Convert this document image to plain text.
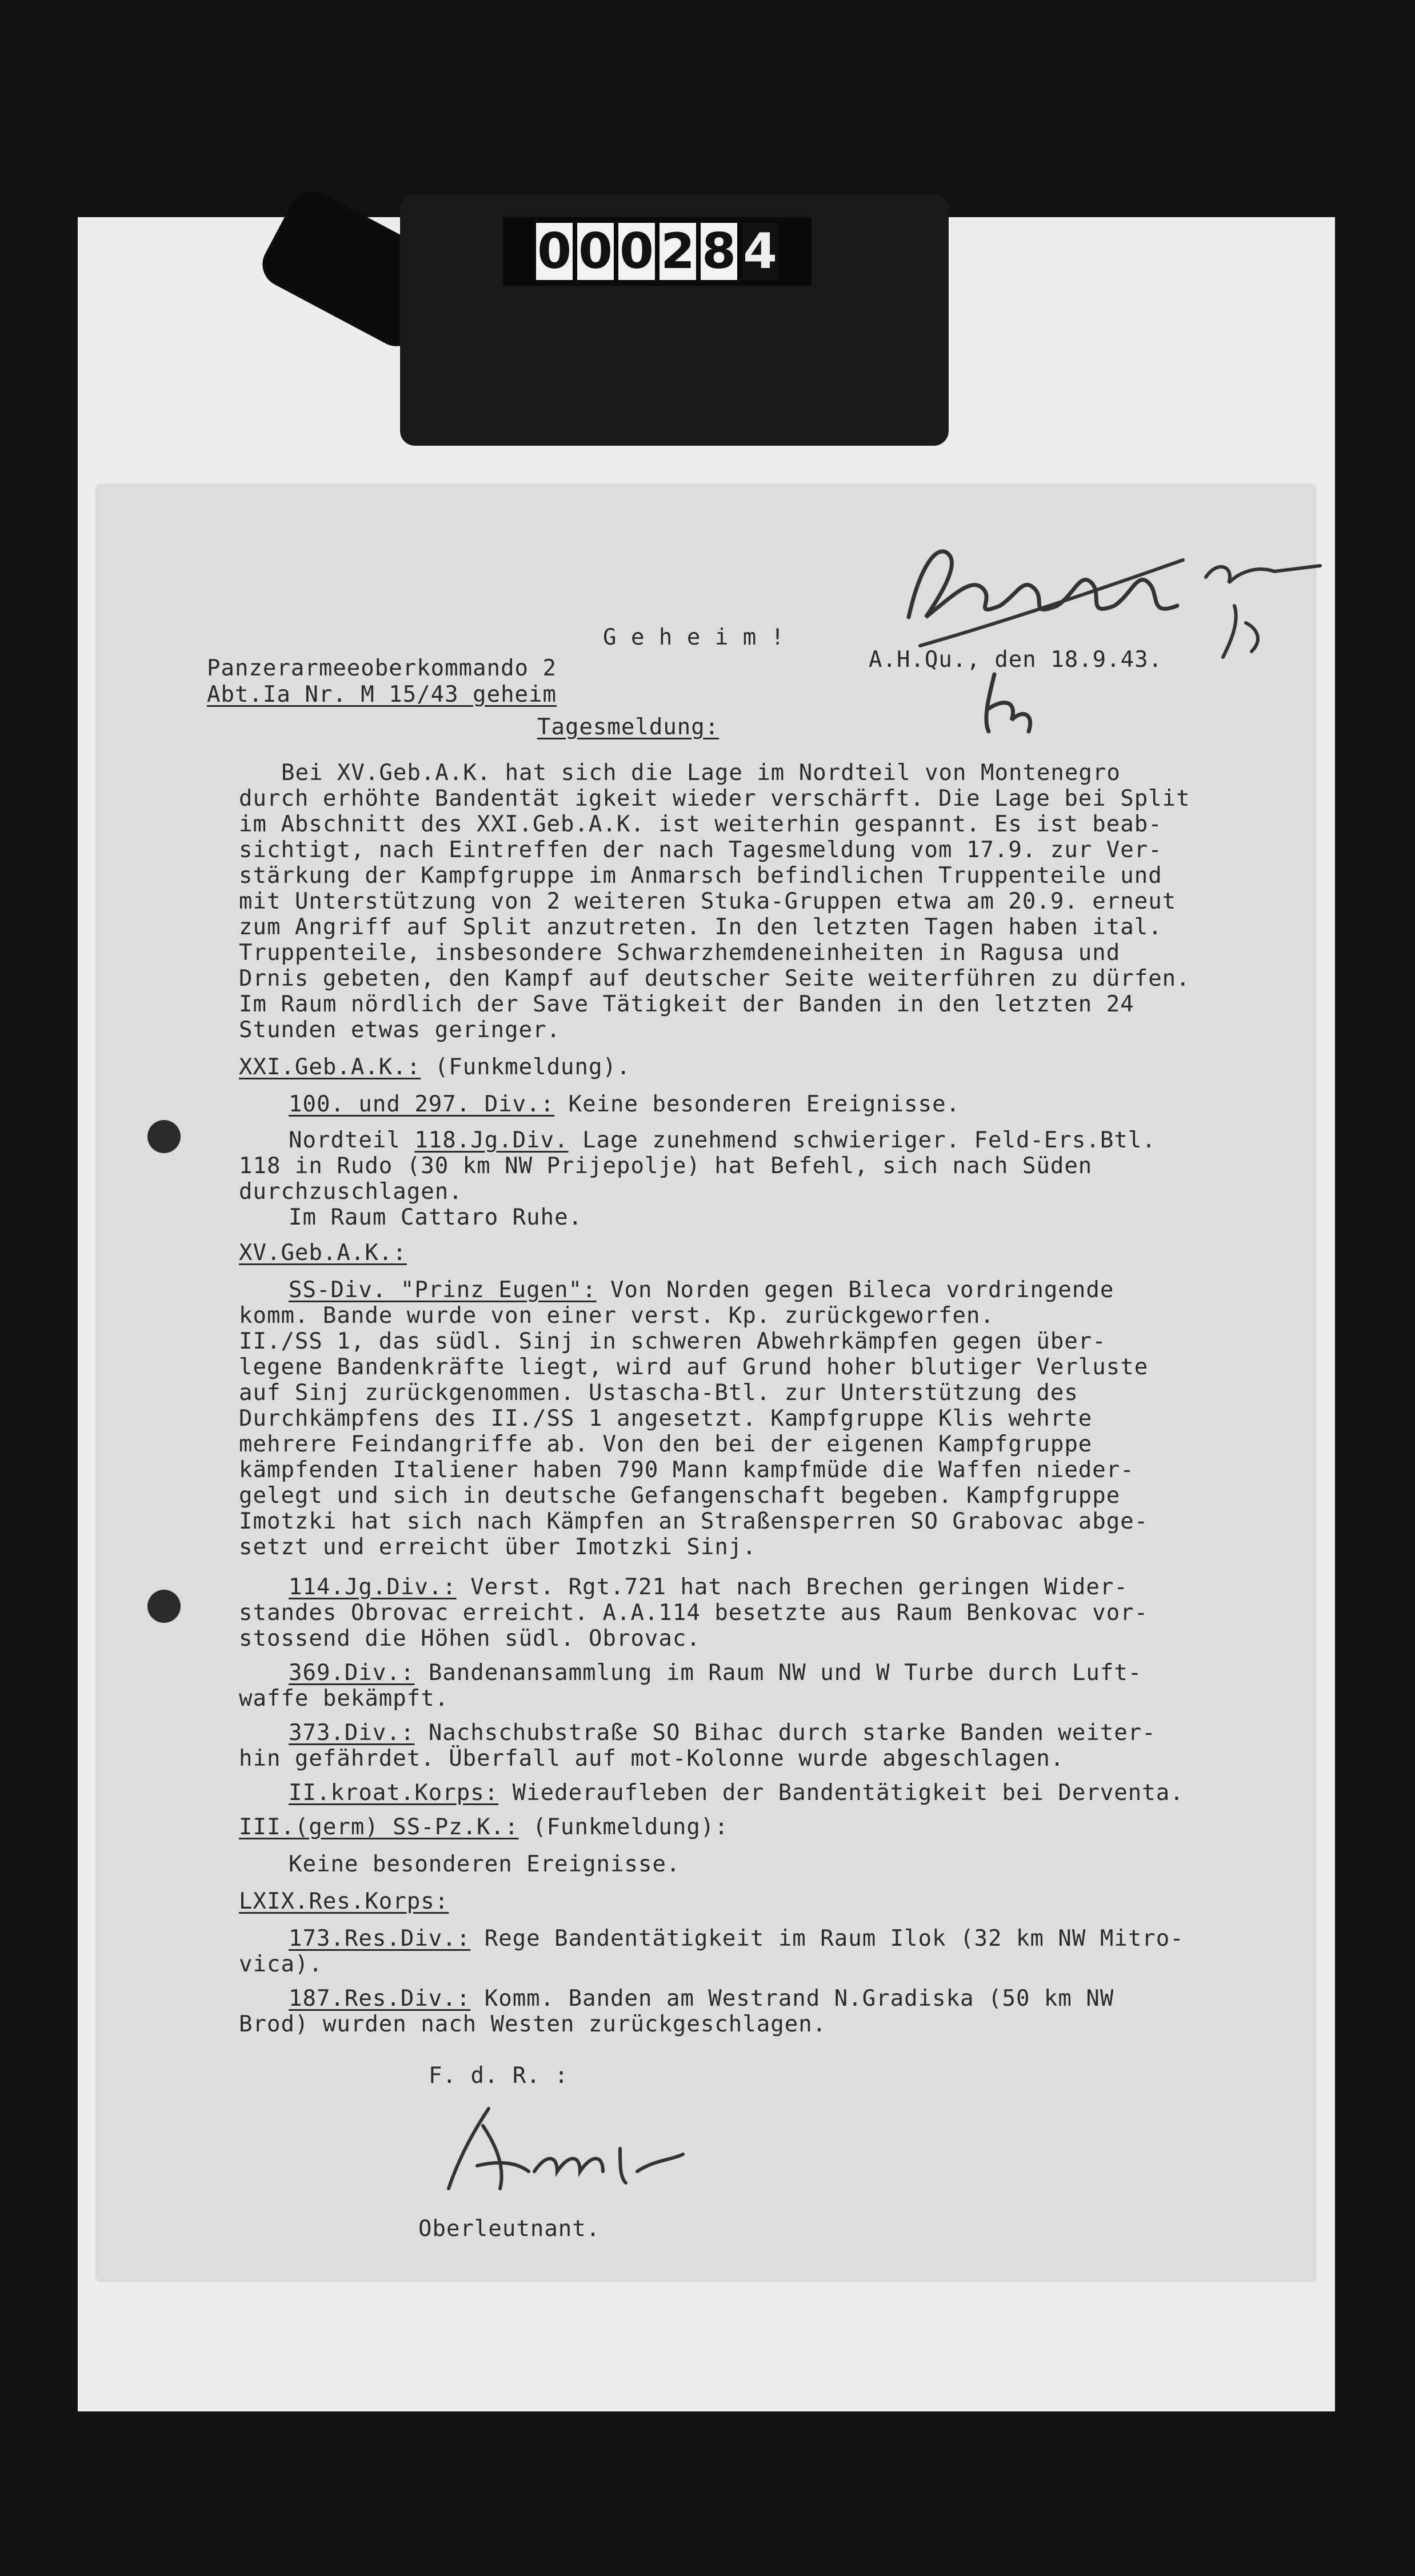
0 0 0 2 8 4
G e h e i m !
Panzerarmeeoberkommando 2	A.H.Qu., den 18.9.43.
Abt.Ia Nr. M 15/43 geheim
Tagesmeldung:
Bei XV.Geb.A.K. hat sich die Lage im Nordteil von Montenegro
durch erhöhte Bandentät igkeit wieder verschärft. Die Lage bei Split
im Abschnitt des XXI.Geb.A.K. ist weiterhin gespannt. Es ist beab-
sichtigt, nach Eintreffen der nach Tagesmeldung vom 17.9. zur Ver-
stärkung der Kampfgruppe im Anmarsch befindlichen Truppenteile und
mit Unterstützung von 2 weiteren Stuka-Gruppen etwa am 20.9. erneut
zum Angriff auf Split anzutreten. In den letzten Tagen haben ital.
Truppenteile, insbesondere Schwarzhemdeneinheiten in Ragusa und
Drnis gebeten, den Kampf auf deutscher Seite weiterführen zu dürfen.
Im Raum nördlich der Save Tätigkeit der Banden in den letzten 24
Stunden etwas geringer.
XXI.Geb.A.K.: (Funkmeldung).
100. und 297. Div.: Keine besonderen Ereignisse.
Nordteil 118.Jg.Div. Lage zunehmend schwieriger. Feld-Ers.Btl.
118 in Rudo (30 km NW Prijepolje) hat Befehl, sich nach Süden
durchzuschlagen.
Im Raum Cattaro Ruhe.
XV.Geb.A.K.:
SS-Div. "Prinz Eugen": Von Norden gegen Bileca vordringende
komm. Bande wurde von einer verst. Kp. zurückgeworfen.
II./SS 1, das südl. Sinj in schweren Abwehrkämpfen gegen über-
legene Bandenkräfte liegt, wird auf Grund hoher blutiger Verluste
auf Sinj zurückgenommen. Ustascha-Btl. zur Unterstützung des
Durchkämpfens des II./SS 1 angesetzt. Kampfgruppe Klis wehrte
mehrere Feindangriffe ab. Von den bei der eigenen Kampfgruppe
kämpfenden Italiener haben 790 Mann kampfmüde die Waffen nieder-
gelegt und sich in deutsche Gefangenschaft begeben. Kampfgruppe
Imotzki hat sich nach Kämpfen an Straßensperren SO Grabovac abge-
setzt und erreicht über Imotzki Sinj.
114.Jg.Div.: Verst. Rgt.721 hat nach Brechen geringen Wider-
standes Obrovac erreicht. A.A.114 besetzte aus Raum Benkovac vor-
stossend die Höhen südl. Obrovac.
369.Div.: Bandenansammlung im Raum NW und W Turbe durch Luft-
waffe bekämpft.
373.Div.: Nachschubstraße SO Bihac durch starke Banden weiter-
hin gefährdet. Überfall auf mot-Kolonne wurde abgeschlagen.
II.kroat.Korps: Wiederaufleben der Bandentätigkeit bei Derventa.
III.(germ) SS-Pz.K.: (Funkmeldung):
Keine besonderen Ereignisse.
LXIX.Res.Korps:
173.Res.Div.: Rege Bandentätigkeit im Raum Ilok (32 km NW Mitro-
vica).
187.Res.Div.: Komm. Banden am Westrand N.Gradiska (50 km NW
Brod) wurden nach Westen zurückgeschlagen.
F. d. R. :
Oberleutnant.
